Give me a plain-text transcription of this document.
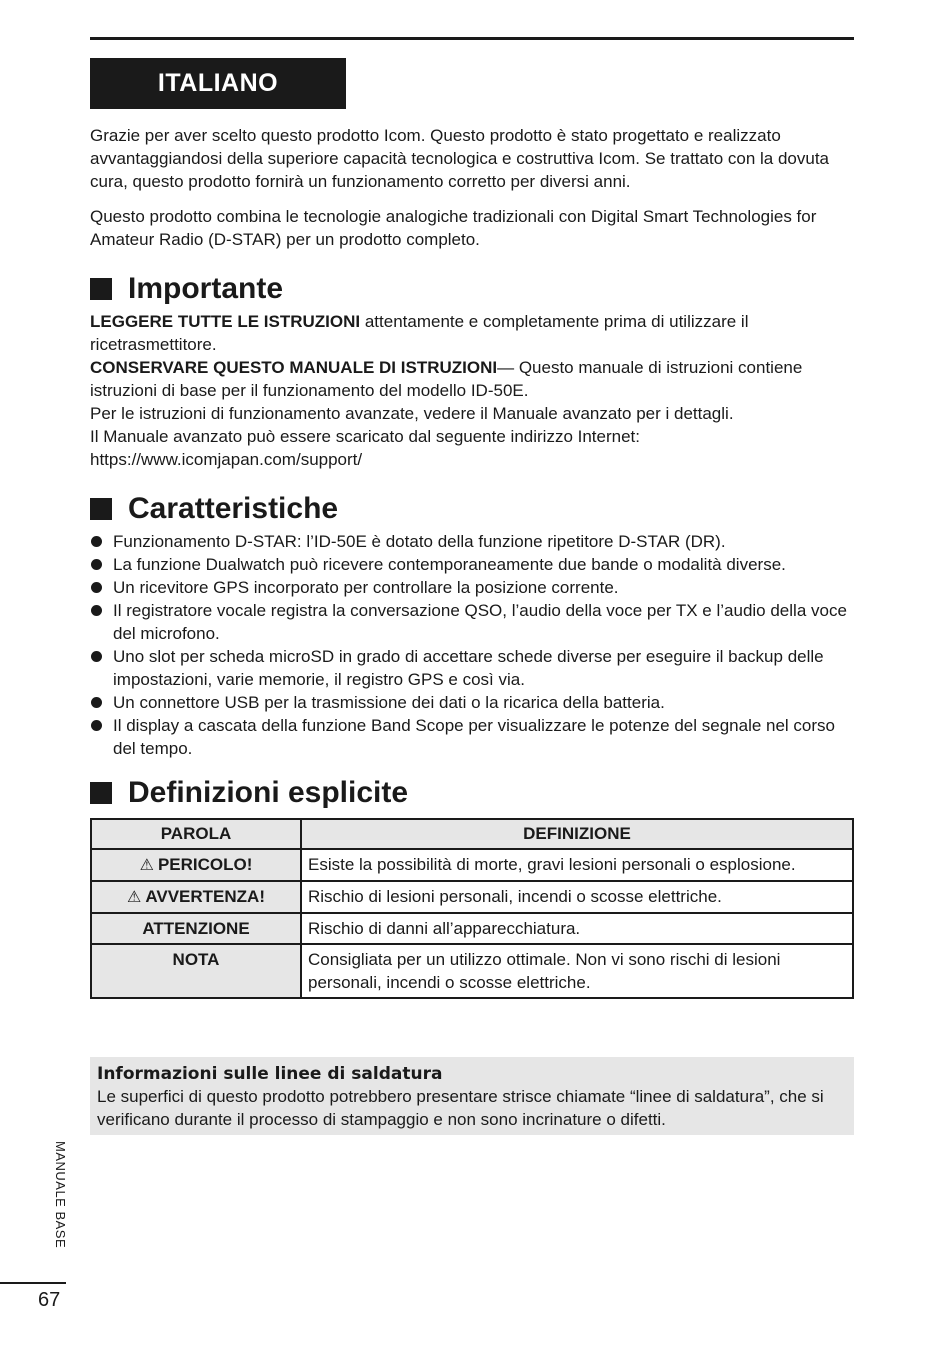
ITALIANO

Grazie per aver scelto questo prodotto Icom. Questo prodotto è stato progettato e realizzato avvantaggiandosi della superiore capacità tecnologica e costruttiva Icom. Se trattato con la dovuta cura, questo prodotto fornirà un funzionamento corretto per diversi anni.

Questo prodotto combina le tecnologie analogiche tradizionali con Digital Smart Technologies for Amateur Radio (D-STAR) per un prodotto completo.

Importante

LEGGERE TUTTE LE ISTRUZIONI attentamente e completamente prima di utilizzare il ricetrasmettitore.

CONSERVARE QUESTO MANUALE DI ISTRUZIONI— Questo manuale di istruzioni contiene istruzioni di base per il funzionamento del modello ID-50E.

Per le istruzioni di funzionamento avanzate, vedere il Manuale avanzato per i dettagli.

Il Manuale avanzato può essere scaricato dal seguente indirizzo Internet:

https://www.icomjapan.com/support/

Caratteristiche
Funzionamento D-STAR: l’ID-50E è dotato della funzione ripetitore D-STAR (DR).
La funzione Dualwatch può ricevere contemporaneamente due bande o modalità diverse.
Un ricevitore GPS incorporato per controllare la posizione corrente.
Il registratore vocale registra la conversazione QSO, l’audio della voce per TX e l’audio della voce del microfono.
Uno slot per scheda microSD in grado di accettare schede diverse per eseguire il backup delle impostazioni, varie memorie, il registro GPS e così via.
Un connettore USB per la trasmissione dei dati o la ricarica della batteria.
Il display a cascata della funzione Band Scope per visualizzare le potenze del segnale nel corso del tempo.
Definizioni esplicite
PAROLA	DEFINIZIONE
⚠ PERICOLO!	Esiste la possibilità di morte, gravi lesioni personali o esplosione.
⚠ AVVERTENZA!	Rischio di lesioni personali, incendi o scosse elettriche.
ATTENZIONE	Rischio di danni all’apparecchiatura.
NOTA	Consigliata per un utilizzo ottimale. Non vi sono rischi di lesioni personali, incendi o scosse elettriche.
Informazioni sulle linee di saldatura
Le superfici di questo prodotto potrebbero presentare strisce chiamate “linee di saldatura”, che si verificano durante il processo di stampaggio e non sono incrinature o difetti.
MANUALE BASE
67
